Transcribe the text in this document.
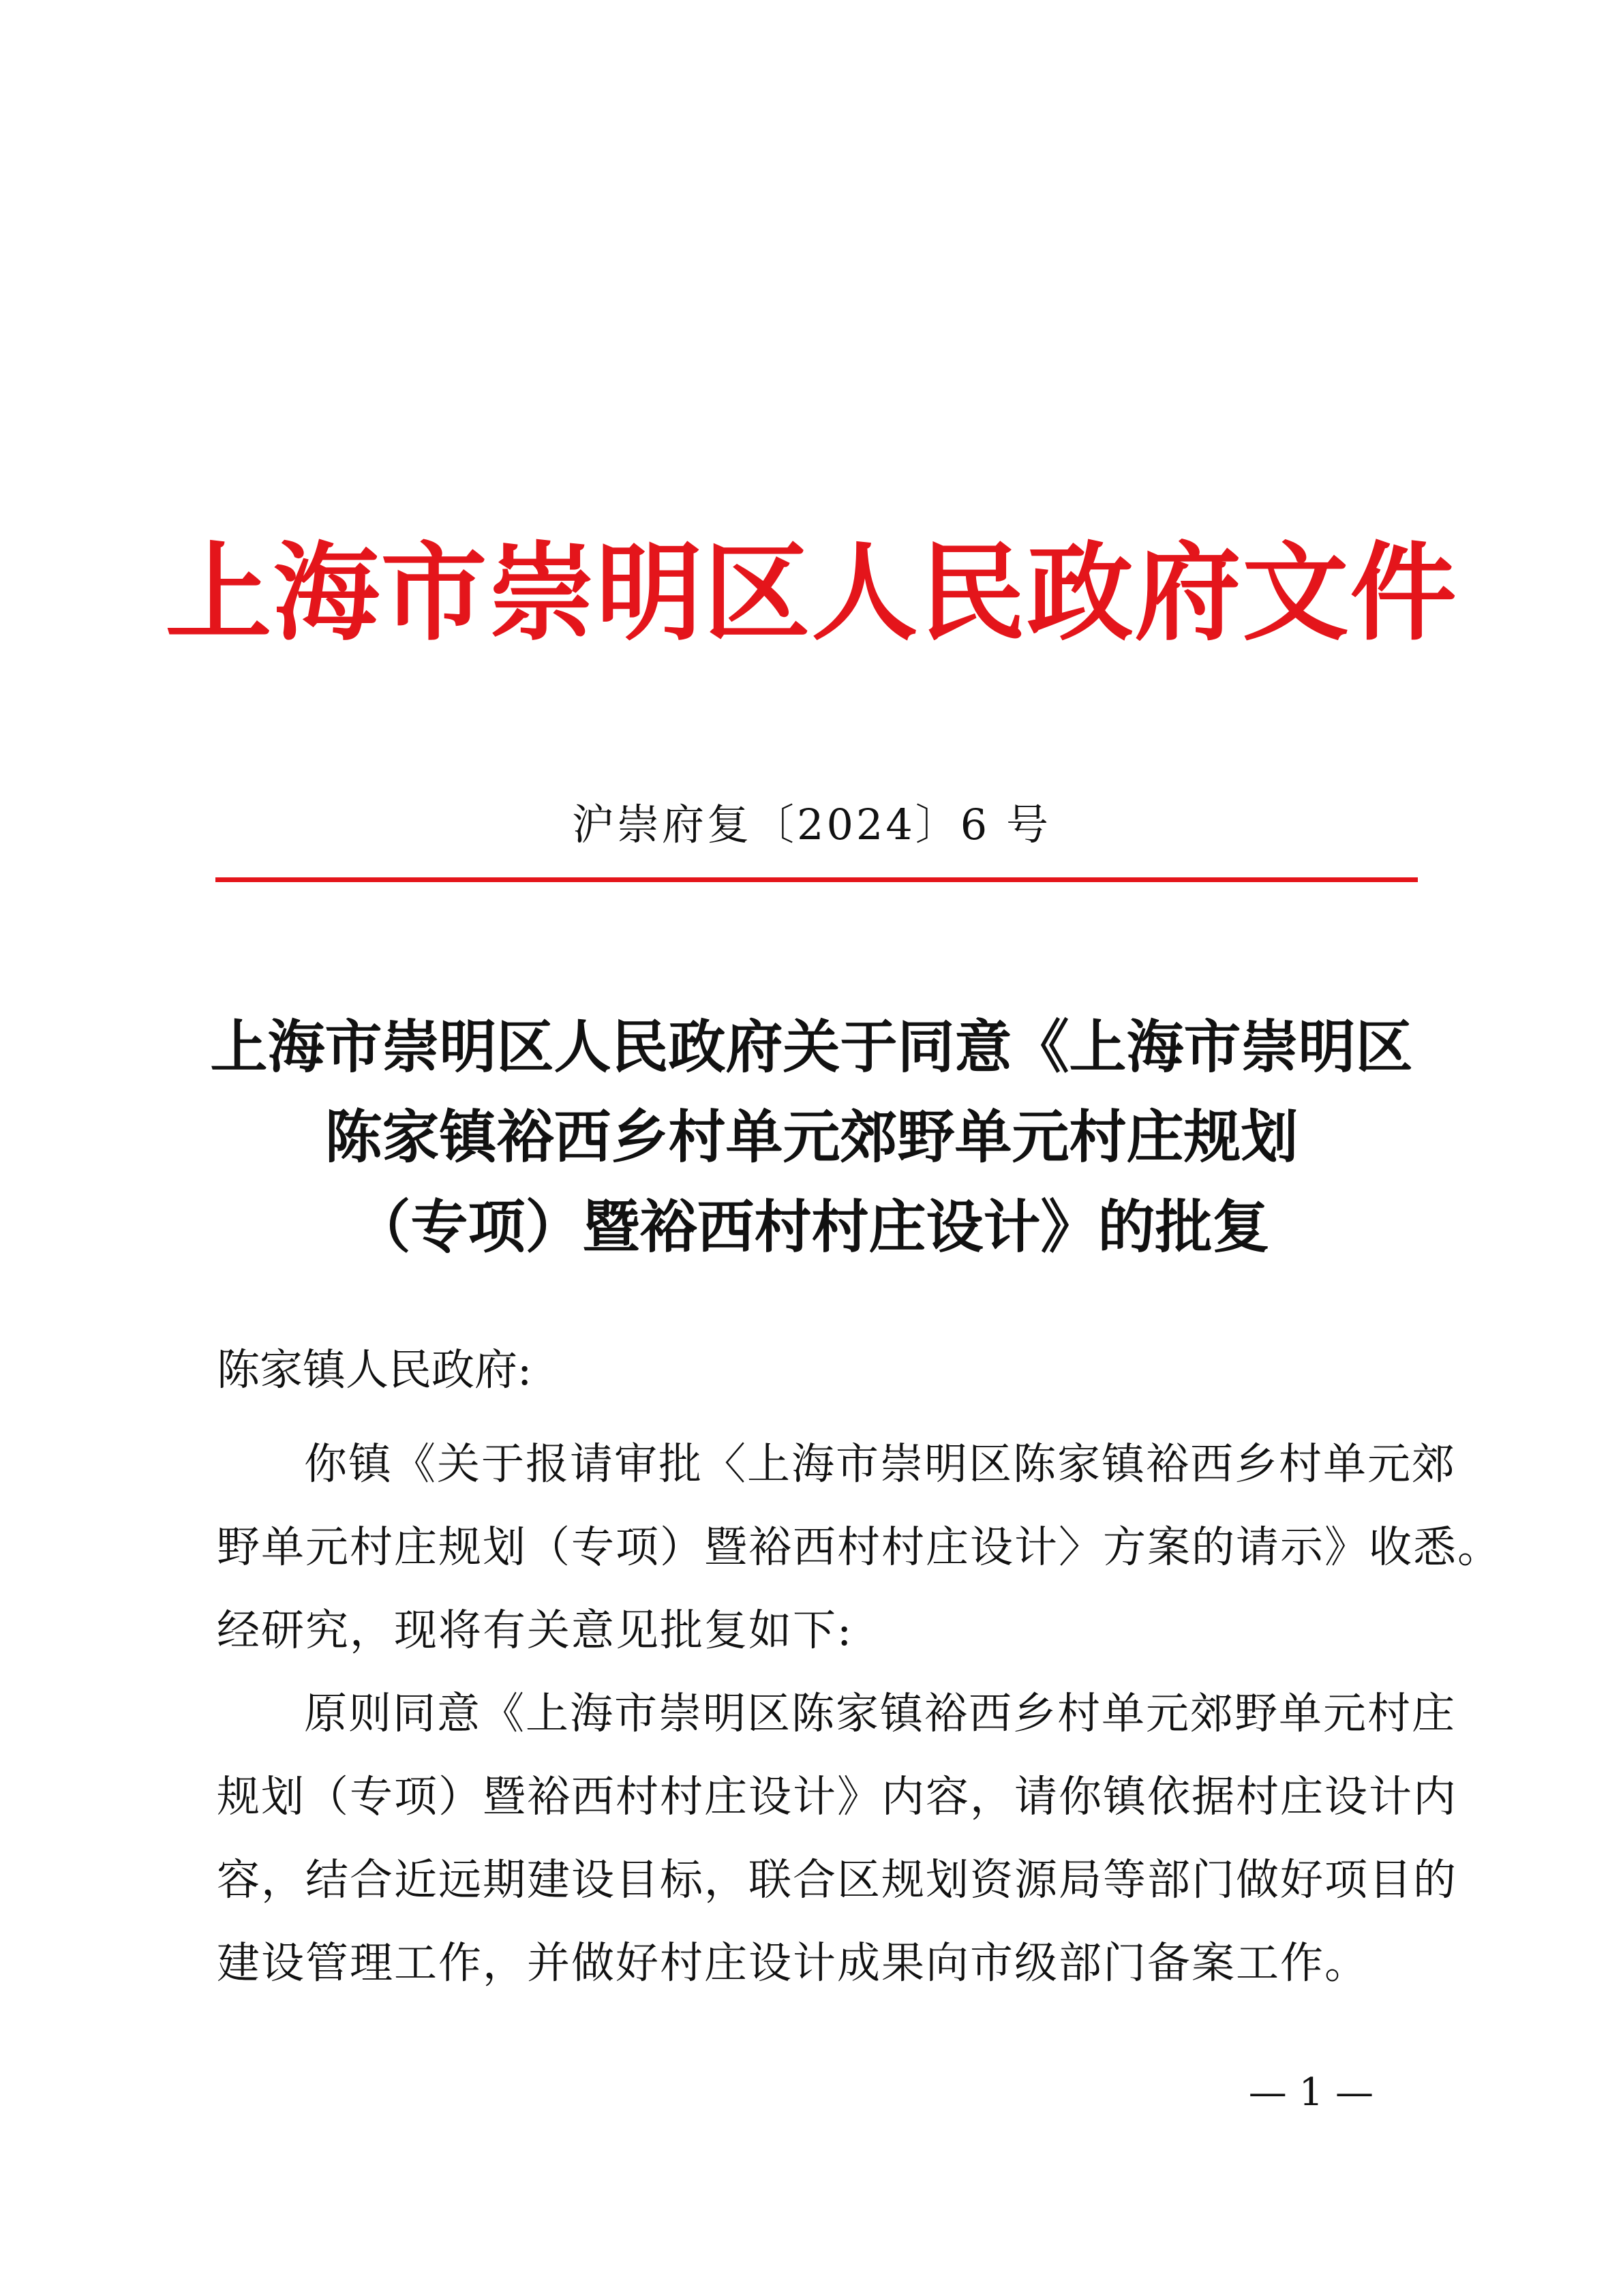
上海市崇明区人民政府文件
沪崇府复〔2024〕6 号
上海市崇明区人民政府关于同意《上海市崇明区
陈家镇裕西乡村单元郊野单元村庄规划
（专项）暨裕西村村庄设计》的批复
陈家镇人民政府:
你镇《关于报请审批〈上海市崇明区陈家镇裕西乡村单元郊
野单元村庄规划（专项）暨裕西村村庄设计〉方案的请示》收悉。
经研究，现将有关意见批复如下:
原则同意《上海市崇明区陈家镇裕西乡村单元郊野单元村庄
规划（专项）暨裕西村村庄设计》内容，请你镇依据村庄设计内
容，结合近远期建设目标，联合区规划资源局等部门做好项目的
建设管理工作，并做好村庄设计成果向市级部门备案工作。
— 1 —
